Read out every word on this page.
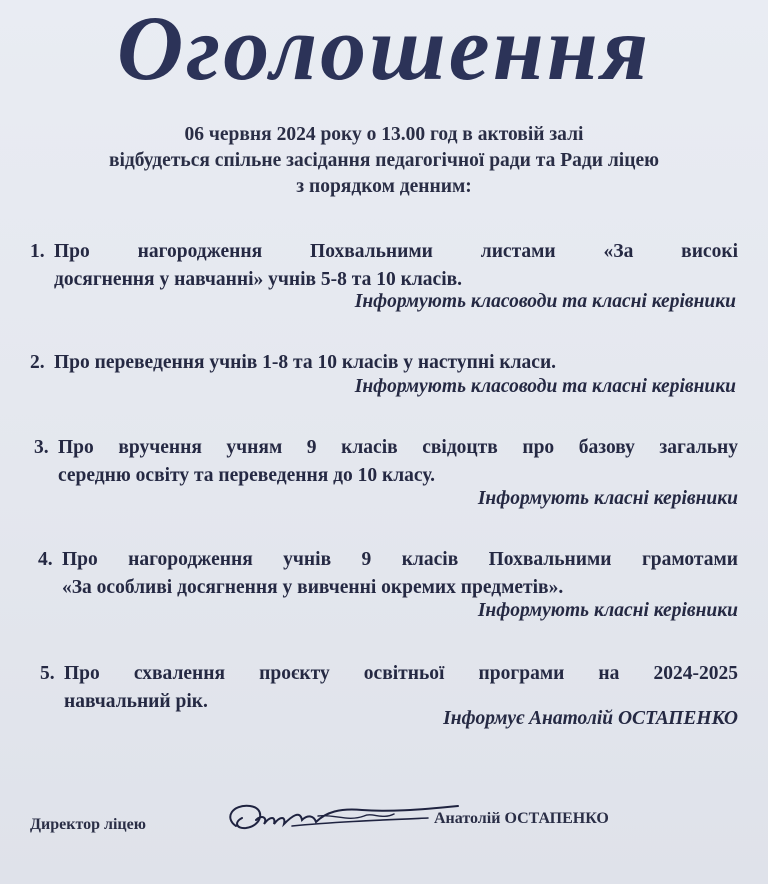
Оголошення
06 червня 2024 року о 13.00 год в актовій залі
відбудеться спільне засідання педагогічної ради та Ради ліцею
з порядком денним:
1. Про нагородження Похвальними листами «За високі
досягнення у навчанні» учнів 5-8 та 10 класів.
Інформують класоводи та класні керівники
2. Про переведення учнів 1-8 та 10 класів у наступні класи.
Інформують класоводи та класні керівники
3. Про вручення учням 9 класів свідоцтв про базову загальну
середню освіту та переведення до 10 класу.
Інформують класні керівники
4. Про нагородження учнів 9 класів Похвальними грамотами
«За особливі досягнення у вивченні окремих предметів».
Інформують класні керівники
5. Про схвалення проєкту освітньої програми на 2024-2025
навчальний рік.
Інформує Анатолій ОСТАПЕНКО
Директор ліцею	Анатолій ОСТАПЕНКО
